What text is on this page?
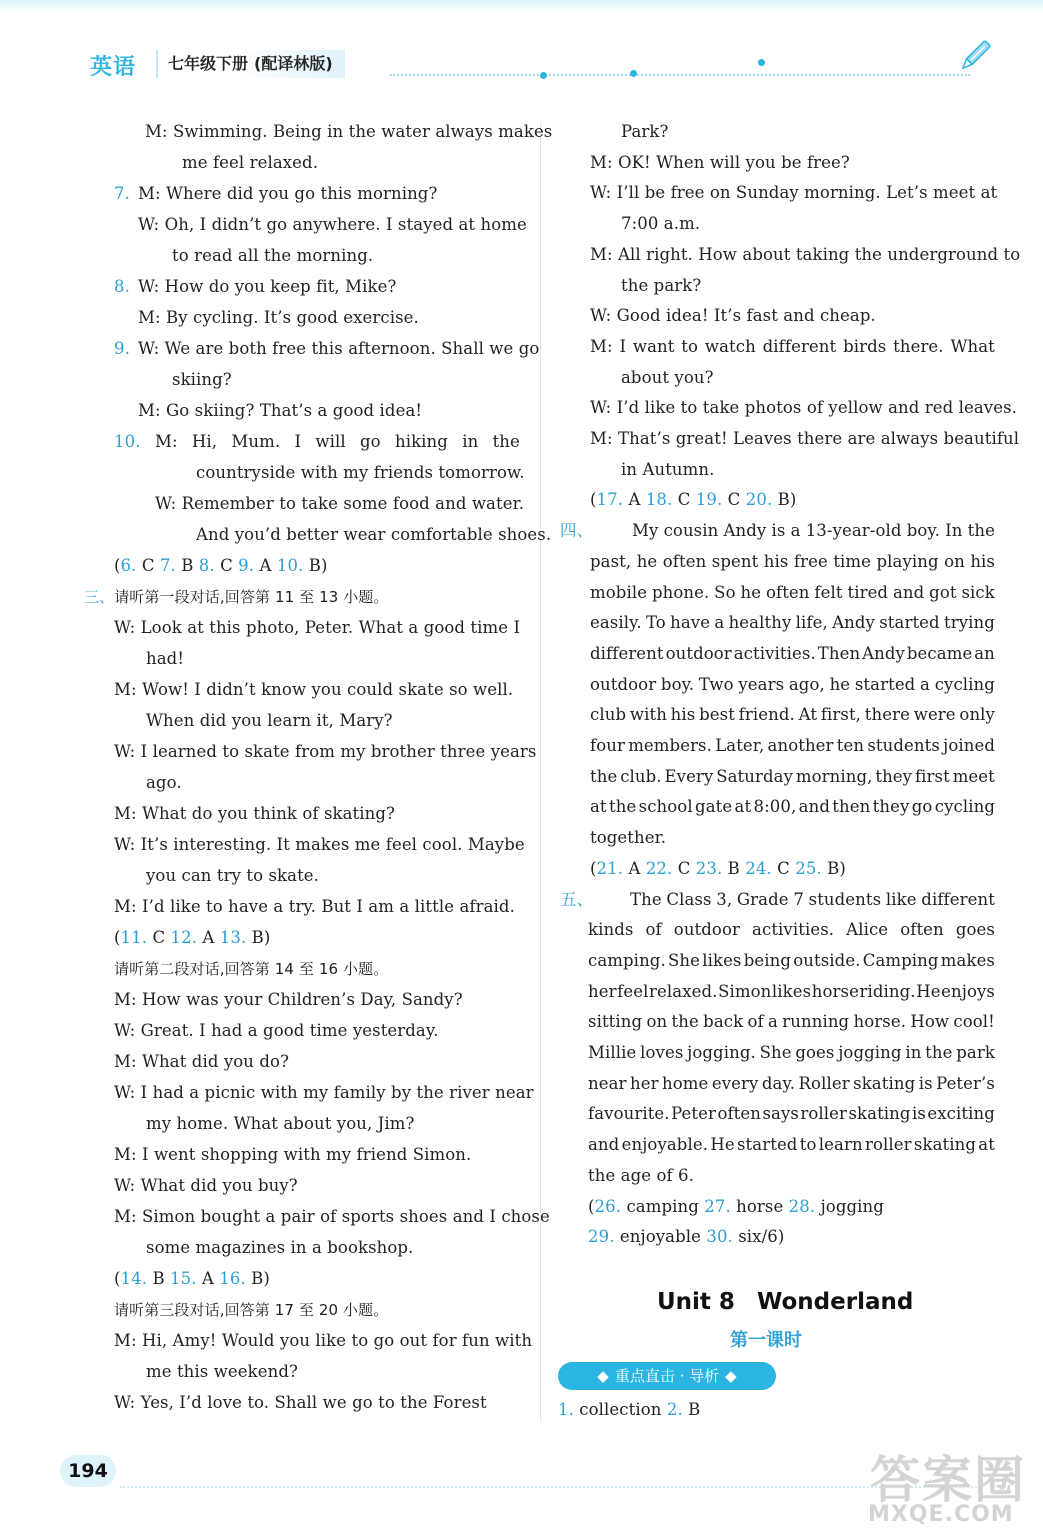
英语	七年级下册 (配译林版)
M: Swimming. Being in the water always makes
me feel relaxed.
7. M: Where did you go this morning?
W: Oh, I didn’t go anywhere. I stayed at home
to read all the morning.
8. W: How do you keep fit, Mike?
M: By cycling. It’s good exercise.
9. W: We are both free this afternoon. Shall we go
skiing?
M: Go skiing? That’s a good idea!
10. M: Hi, Mum. I will go hiking in the
countryside with my friends tomorrow.
W: Remember to take some food and water.
And you’d better wear comfortable shoes.
(6. C 7. B 8. C 9. A 10. B)
三、请听第一段对话,回答第 11 至 13 小题。
W: Look at this photo, Peter. What a good time I
had!
M: Wow! I didn’t know you could skate so well.
When did you learn it, Mary?
W: I learned to skate from my brother three years
ago.
M: What do you think of skating?
W: It’s interesting. It makes me feel cool. Maybe
you can try to skate.
M: I’d like to have a try. But I am a little afraid.
(11. C 12. A 13. B)
请听第二段对话,回答第 14 至 16 小题。
M: How was your Children’s Day, Sandy?
W: Great. I had a good time yesterday.
M: What did you do?
W: I had a picnic with my family by the river near
my home. What about you, Jim?
M: I went shopping with my friend Simon.
W: What did you buy?
M: Simon bought a pair of sports shoes and I chose
some magazines in a bookshop.
(14. B 15. A 16. B)
请听第三段对话,回答第 17 至 20 小题。
M: Hi, Amy! Would you like to go out for fun with
me this weekend?
W: Yes, I’d love to. Shall we go to the Forest
Park?
M: OK! When will you be free?
W: I’ll be free on Sunday morning. Let’s meet at
7:00 a.m.
M: All right. How about taking the underground to
the park?
W: Good idea! It’s fast and cheap.
M: I want to watch different birds there. What
about you?
W: I’d like to take photos of yellow and red leaves.
M: That’s great! Leaves there are always beautiful
in Autumn.
(17. A 18. C 19. C 20. B)
四、 My cousin Andy is a 13-year-old boy. In the
past, he often spent his free time playing on his
mobile phone. So he often felt tired and got sick
easily. To have a healthy life, Andy started trying
different outdoor activities. Then Andy became an
outdoor boy. Two years ago, he started a cycling
club with his best friend. At first, there were only
four members. Later, another ten students joined
the club. Every Saturday morning, they first meet
at the school gate at 8:00, and then they go cycling
together.
(21. A 22. C 23. B 24. C 25. B)
五、 The Class 3, Grade 7 students like different
kinds of outdoor activities. Alice often goes
camping. She likes being outside. Camping makes
her feel relaxed. Simon likes horse riding. He enjoys
sitting on the back of a running horse. How cool!
Millie loves jogging. She goes jogging in the park
near her home every day. Roller skating is Peter’s
favourite. Peter often says roller skating is exciting
and enjoyable. He started to learn roller skating at
the age of 6.
(26. camping 27. horse 28. jogging
29. enjoyable 30. six/6)
Unit 8 Wonderland
第一课时
◆ 重点直击 · 导析 ◆
1. collection 2. B
194	答案圈
MXQE.COM
